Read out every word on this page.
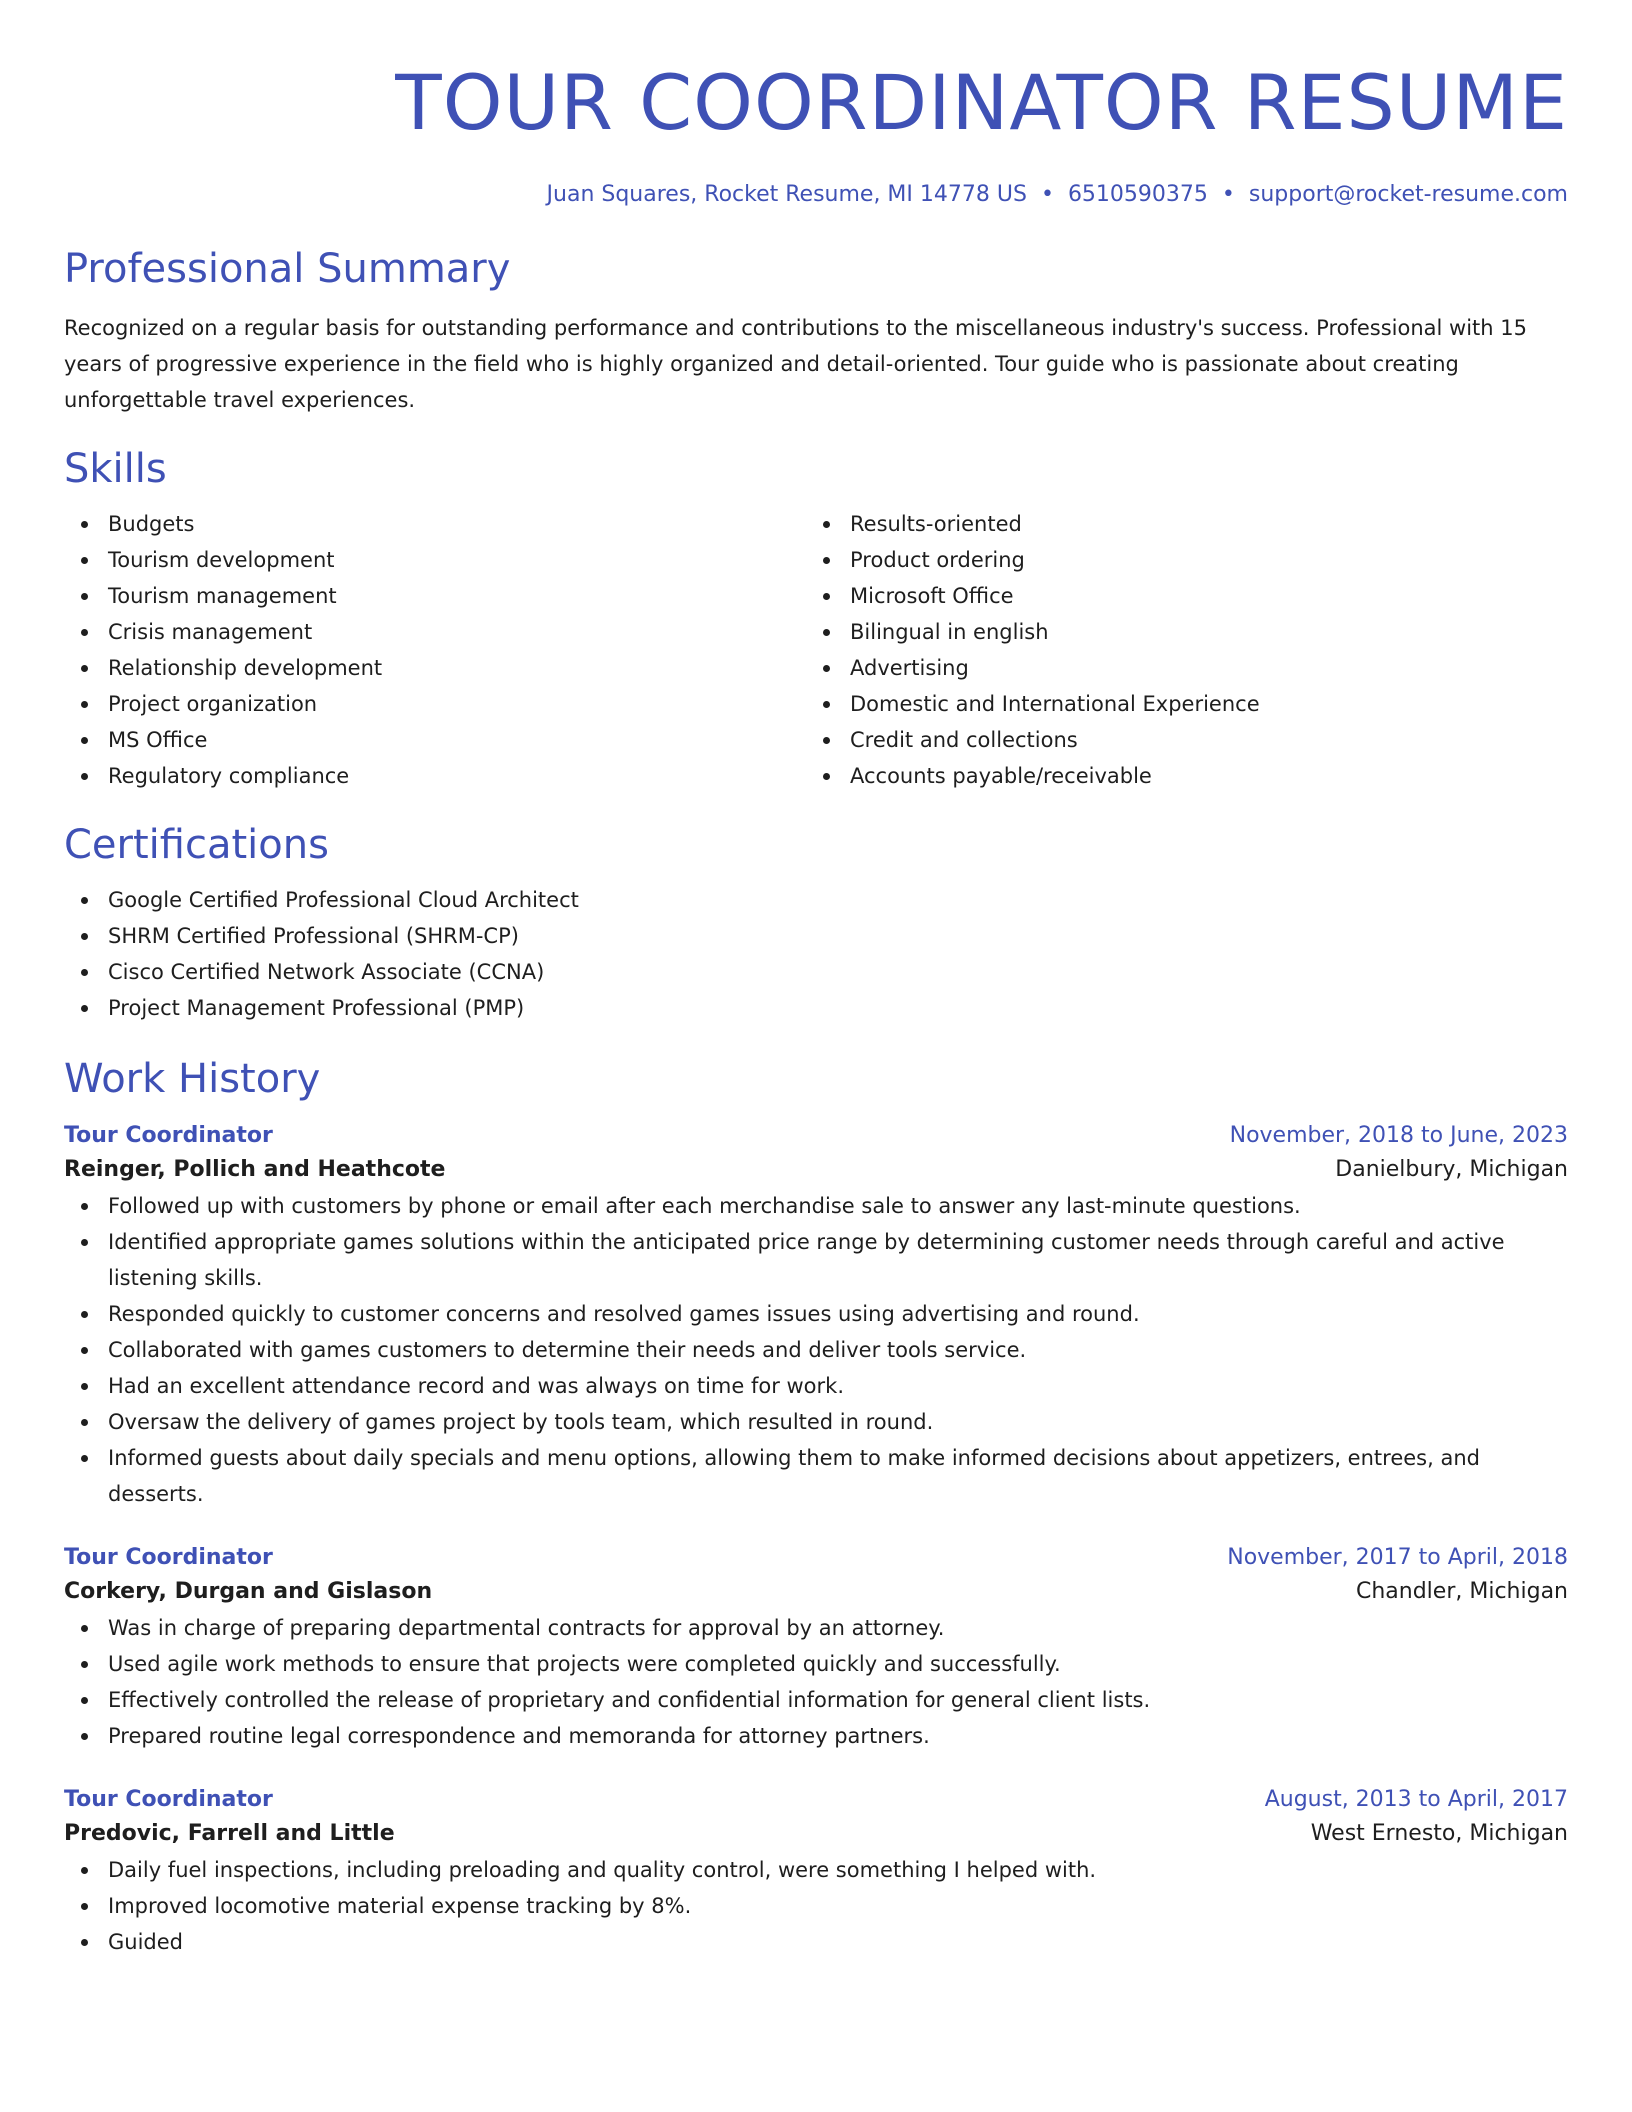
TOUR COORDINATOR RESUME
Juan Squares, Rocket Resume, MI 14778 US • 6510590375 • support@rocket-resume.com
Professional Summary
Recognized on a regular basis for outstanding performance and contributions to the miscellaneous industry's success. Professional with 15 years of progressive experience in the field who is highly organized and detail-oriented. Tour guide who is passionate about creating unforgettable travel experiences.
Skills
Budgets
Tourism development
Tourism management
Crisis management
Relationship development
Project organization
MS Office
Regulatory compliance
Results-oriented
Product ordering
Microsoft Office
Bilingual in english
Advertising
Domestic and International Experience
Credit and collections
Accounts payable/receivable
Certifications
Google Certified Professional Cloud Architect
SHRM Certified Professional (SHRM-CP)
Cisco Certified Network Associate (CCNA)
Project Management Professional (PMP)
Work History
Tour Coordinator	November, 2018 to June, 2023
Reinger, Pollich and Heathcote	Danielbury, Michigan
Followed up with customers by phone or email after each merchandise sale to answer any last-minute questions.
Identified appropriate games solutions within the anticipated price range by determining customer needs through careful and active listening skills.
Responded quickly to customer concerns and resolved games issues using advertising and round.
Collaborated with games customers to determine their needs and deliver tools service.
Had an excellent attendance record and was always on time for work.
Oversaw the delivery of games project by tools team, which resulted in round.
Informed guests about daily specials and menu options, allowing them to make informed decisions about appetizers, entrees, and desserts.
Tour Coordinator	November, 2017 to April, 2018
Corkery, Durgan and Gislason	Chandler, Michigan
Was in charge of preparing departmental contracts for approval by an attorney.
Used agile work methods to ensure that projects were completed quickly and successfully.
Effectively controlled the release of proprietary and confidential information for general client lists.
Prepared routine legal correspondence and memoranda for attorney partners.
Tour Coordinator	August, 2013 to April, 2017
Predovic, Farrell and Little	West Ernesto, Michigan
Daily fuel inspections, including preloading and quality control, were something I helped with.
Improved locomotive material expense tracking by 8%.
Guided
